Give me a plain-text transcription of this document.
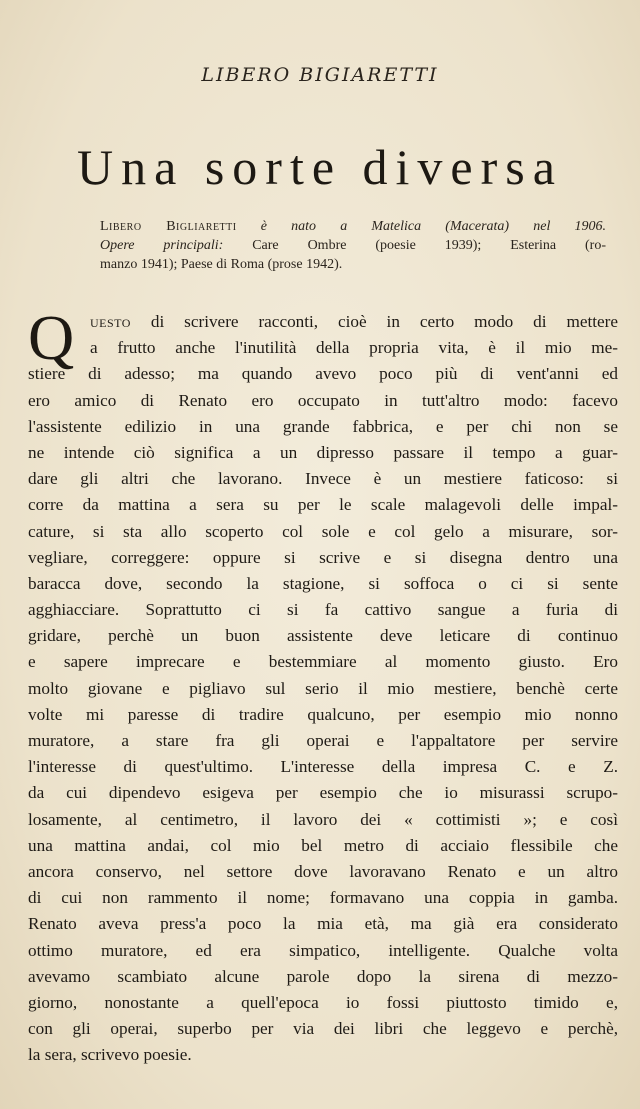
LIBERO BIGIARETTI
Una sorte diversa
Libero Bigliaretti è nato a Matelica (Macerata) nel 1906.
Opere principali: Care Ombre (poesie 1939); Esterina (ro-
manzo 1941); Paese di Roma (prose 1942).
Q uesto di scrivere racconti, cioè in certo modo di mettere
a frutto anche l'inutilità della propria vita, è il mio me-
stiere di adesso; ma quando avevo poco più di vent'anni ed
ero amico di Renato ero occupato in tutt'altro modo: facevo
l'assistente edilizio in una grande fabbrica, e per chi non se
ne intende ciò significa a un dipresso passare il tempo a guar-
dare gli altri che lavorano. Invece è un mestiere faticoso: si
corre da mattina a sera su per le scale malagevoli delle impal-
cature, si sta allo scoperto col sole e col gelo a misurare, sor-
vegliare, correggere: oppure si scrive e si disegna dentro una
baracca dove, secondo la stagione, si soffoca o ci si sente
agghiacciare. Soprattutto ci si fa cattivo sangue a furia di
gridare, perchè un buon assistente deve leticare di continuo
e sapere imprecare e bestemmiare al momento giusto. Ero
molto giovane e pigliavo sul serio il mio mestiere, benchè certe
volte mi paresse di tradire qualcuno, per esempio mio nonno
muratore, a stare fra gli operai e l'appaltatore per servire
l'interesse di quest'ultimo. L'interesse della impresa C. e Z.
da cui dipendevo esigeva per esempio che io misurassi scrupo-
losamente, al centimetro, il lavoro dei « cottimisti »; e così
una mattina andai, col mio bel metro di acciaio flessibile che
ancora conservo, nel settore dove lavoravano Renato e un altro
di cui non rammento il nome; formavano una coppia in gamba.
Renato aveva press'a poco la mia età, ma già era considerato
ottimo muratore, ed era simpatico, intelligente. Qualche volta
avevamo scambiato alcune parole dopo la sirena di mezzo-
giorno, nonostante a quell'epoca io fossi piuttosto timido e,
con gli operai, superbo per via dei libri che leggevo e perchè,
la sera, scrivevo poesie.
